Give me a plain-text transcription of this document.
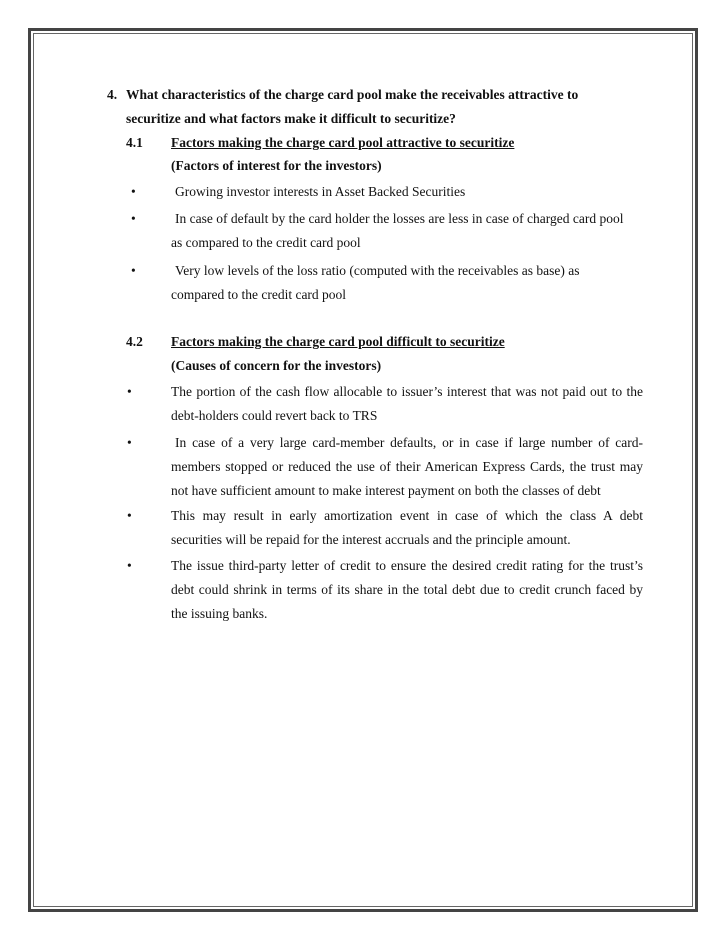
4. What characteristics of the charge card pool make the receivables attractive to
securitize and what factors make it difficult to securitize?
4.1 Factors making the charge card pool attractive to securitize
(Factors of interest for the investors)
•	Growing investor interests in Asset Backed Securities
•	In case of default by the card holder the losses are less in case of charged card pool
as compared to the credit card pool
•	Very low levels of the loss ratio (computed with the receivables as base) as
compared to the credit card pool
4.2 Factors making the charge card pool difficult to securitize
(Causes of concern for the investors)
•	The portion of the cash flow allocable to issuer’s interest that was not paid out to the
debt-holders could revert back to TRS
•	In case of a very large card-member defaults, or in case if large number of card-
members stopped or reduced the use of their American Express Cards, the trust may
not have sufficient amount to make interest payment on both the classes of debt
•	This may result in early amortization event in case of which the class A debt
securities will be repaid for the interest accruals and the principle amount.
•	The issue third-party letter of credit to ensure the desired credit rating for the trust’s
debt could shrink in terms of its share in the total debt due to credit crunch faced by
the issuing banks.
